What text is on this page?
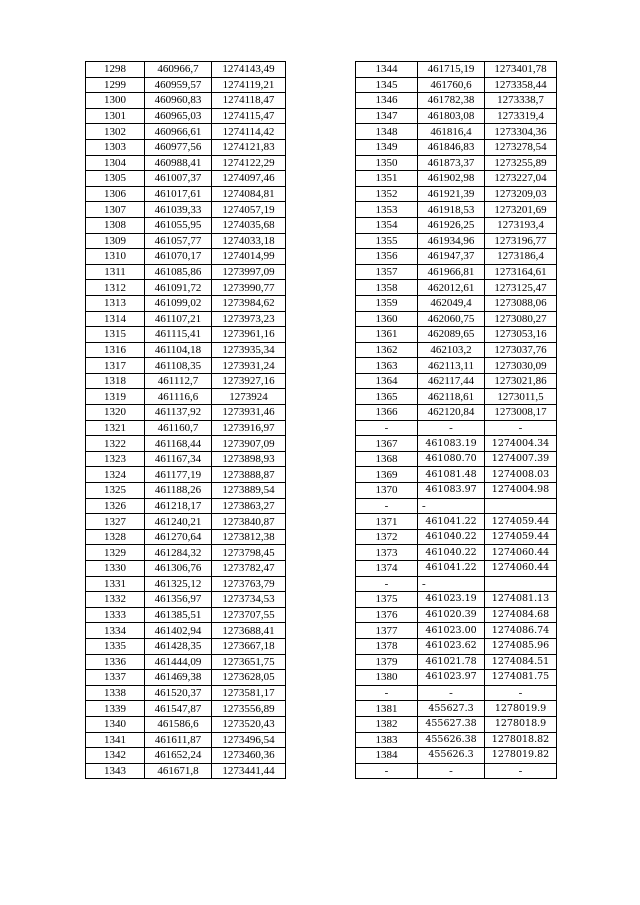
1298	460966,7	1274143,49
1299	460959,57	1274119,21
1300	460960,83	1274118,47
1301	460965,03	1274115,47
1302	460966,61	1274114,42
1303	460977,56	1274121,83
1304	460988,41	1274122,29
1305	461007,37	1274097,46
1306	461017,61	1274084,81
1307	461039,33	1274057,19
1308	461055,95	1274035,68
1309	461057,77	1274033,18
1310	461070,17	1274014,99
1311	461085,86	1273997,09
1312	461091,72	1273990,77
1313	461099,02	1273984,62
1314	461107,21	1273973,23
1315	461115,41	1273961,16
1316	461104,18	1273935,34
1317	461108,35	1273931,24
1318	461112,7	1273927,16
1319	461116,6	1273924
1320	461137,92	1273931,46
1321	461160,7	1273916,97
1322	461168,44	1273907,09
1323	461167,34	1273898,93
1324	461177,19	1273888,87
1325	461188,26	1273889,54
1326	461218,17	1273863,27
1327	461240,21	1273840,87
1328	461270,64	1273812,38
1329	461284,32	1273798,45
1330	461306,76	1273782,47
1331	461325,12	1273763,79
1332	461356,97	1273734,53
1333	461385,51	1273707,55
1334	461402,94	1273688,41
1335	461428,35	1273667,18
1336	461444,09	1273651,75
1337	461469,38	1273628,05
1338	461520,37	1273581,17
1339	461547,87	1273556,89
1340	461586,6	1273520,43
1341	461611,87	1273496,54
1342	461652,24	1273460,36
1343	461671,8	1273441,44
1344	461715,19	1273401,78
1345	461760,6	1273358,44
1346	461782,38	1273338,7
1347	461803,08	1273319,4
1348	461816,4	1273304,36
1349	461846,83	1273278,54
1350	461873,37	1273255,89
1351	461902,98	1273227,04
1352	461921,39	1273209,03
1353	461918,53	1273201,69
1354	461926,25	1273193,4
1355	461934,96	1273196,77
1356	461947,37	1273186,4
1357	461966,81	1273164,61
1358	462012,61	1273125,47
1359	462049,4	1273088,06
1360	462060,75	1273080,27
1361	462089,65	1273053,16
1362	462103,2	1273037,76
1363	462113,11	1273030,09
1364	462117,44	1273021,86
1365	462118,61	1273011,5
1366	462120,84	1273008,17
-	-	-
1367	461083.19	1274004.34
1368	461080.70	1274007.39
1369	461081.48	1274008.03
1370	461083.97	1274004.98
-	-	
1371	461041.22	1274059.44
1372	461040.22	1274059.44
1373	461040.22	1274060.44
1374	461041.22	1274060.44
-	-	
1375	461023.19	1274081.13
1376	461020.39	1274084.68
1377	461023.00	1274086.74
1378	461023.62	1274085.96
1379	461021.78	1274084.51
1380	461023.97	1274081.75
-	-	-
1381	455627.3	1278019.9
1382	455627.38	1278018.9
1383	455626.38	1278018.82
1384	455626.3	1278019.82
-	-	-
